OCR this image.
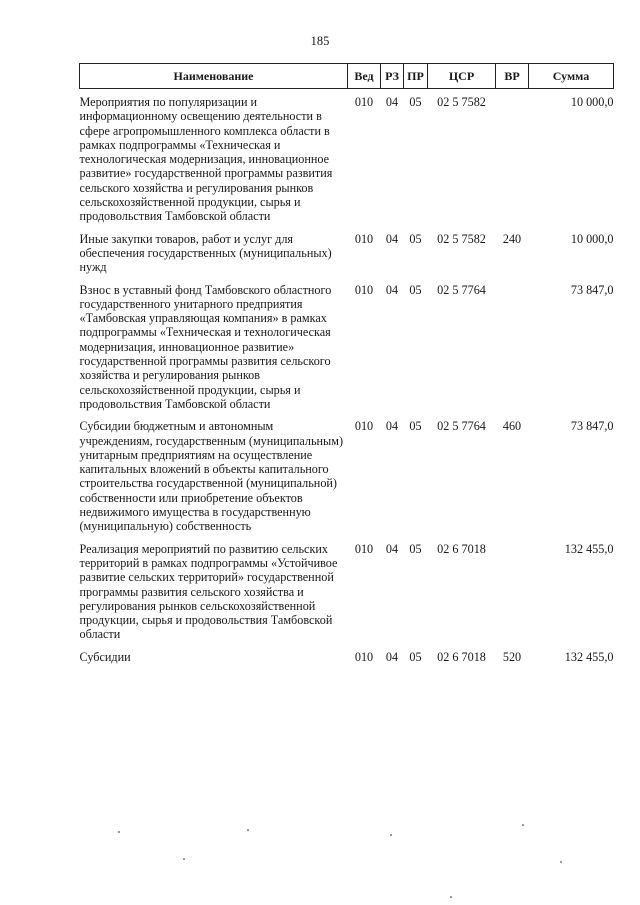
185
Наименование	Вед	РЗ	ПР	ЦСР	ВР	Сумма
Мероприятия по популяризации и информационному освещению деятельности в сфере агропромышленного комплекса области в рамках подпрограммы «Техническая и технологическая модернизация, инновационное развитие» государственной программы развития сельского хозяйства и регулирования рынков сельскохозяйственной продукции, сырья и продовольствия Тамбовской области	010	04	05	02 5 7582		10 000,0
Иные закупки товаров, работ и услуг для обеспечения государственных (муниципальных) нужд	010	04	05	02 5 7582	240	10 000,0
Взнос в уставный фонд Тамбовского областного государственного унитарного предприятия «Тамбовская управляющая компания» в рамках подпрограммы «Техническая и технологическая модернизация, инновационное развитие» государственной программы развития сельского хозяйства и регулирования рынков сельскохозяйственной продукции, сырья и продовольствия Тамбовской области	010	04	05	02 5 7764		73 847,0
Субсидии бюджетным и автономным учреждениям, государственным (муниципальным) унитарным предприятиям на осуществление капитальных вложений в объекты капитального строительства государственной (муниципальной) собственности или приобретение объектов недвижимого имущества в государственную (муниципальную) собственность	010	04	05	02 5 7764	460	73 847,0
Реализация мероприятий по развитию сельских территорий в рамках подпрограммы «Устойчивое развитие сельских территорий» государственной программы развития сельского хозяйства и регулирования рынков сельскохозяйственной продукции, сырья и продовольствия Тамбовской области	010	04	05	02 6 7018		132 455,0
Субсидии	010	04	05	02 6 7018	520	132 455,0
